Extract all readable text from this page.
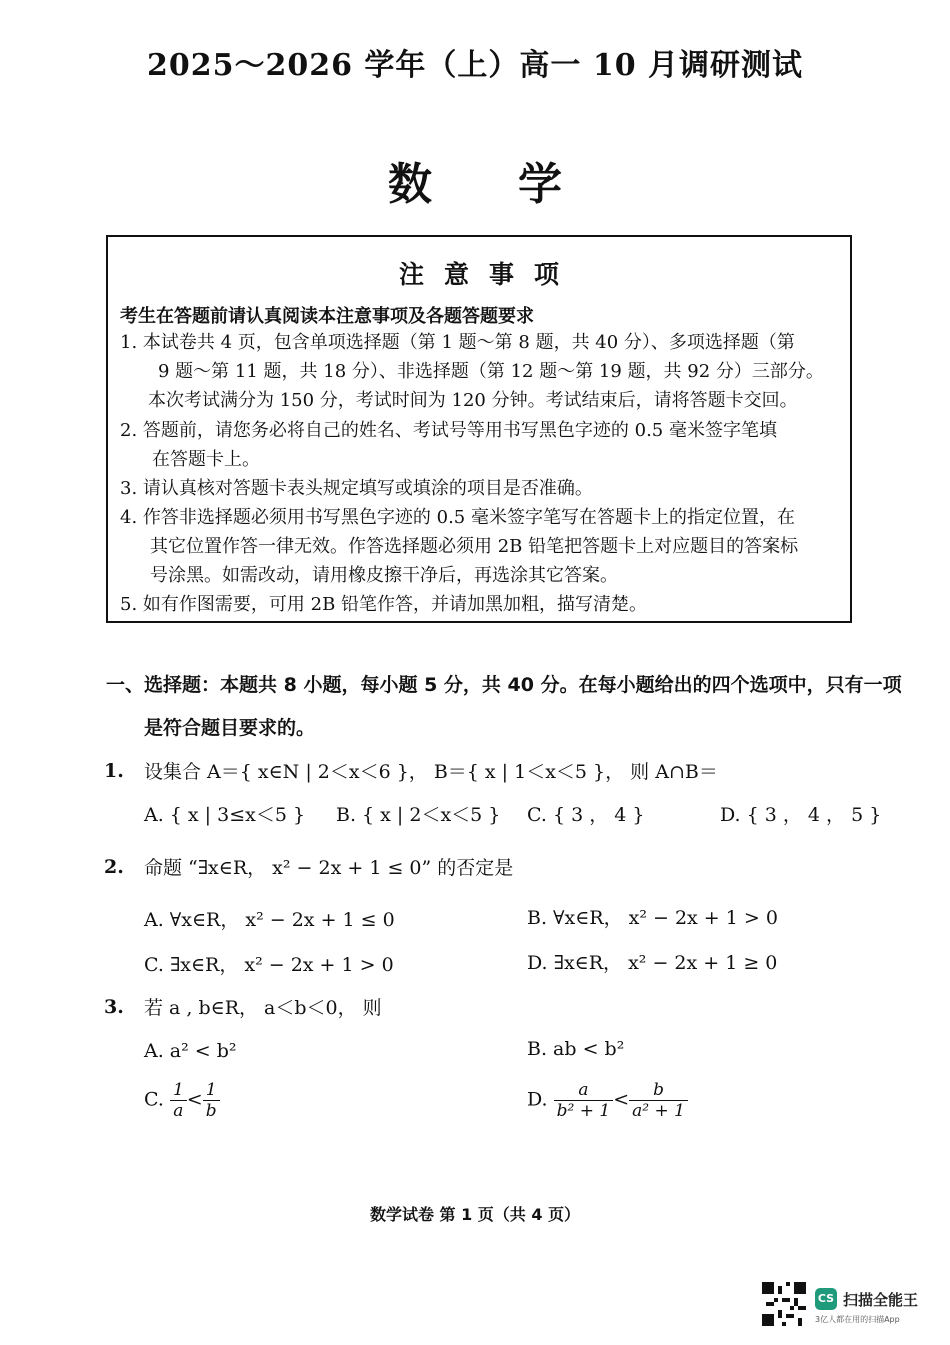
2025～2026 学年（上）高一 10 月调研测试
数学
注意事项
考生在答题前请认真阅读本注意事项及各题答题要求
1. 本试卷共 4 页，包含单项选择题（第 1 题～第 8 题，共 40 分）、多项选择题（第
9 题～第 11 题，共 18 分）、非选择题（第 12 题～第 19 题，共 92 分）三部分。
本次考试满分为 150 分，考试时间为 120 分钟。考试结束后，请将答题卡交回。
2. 答题前，请您务必将自己的姓名、考试号等用书写黑色字迹的 0.5 毫米签字笔填
在答题卡上。
3. 请认真核对答题卡表头规定填写或填涂的项目是否准确。
4. 作答非选择题必须用书写黑色字迹的 0.5 毫米签字笔写在答题卡上的指定位置，在
其它位置作答一律无效。作答选择题必须用 2B 铅笔把答题卡上对应题目的答案标
号涂黑。如需改动，请用橡皮擦干净后，再选涂其它答案。
5. 如有作图需要，可用 2B 铅笔作答，并请加黑加粗，描写清楚。
一、选择题：本题共 8 小题，每小题 5 分，共 40 分。在每小题给出的四个选项中，只有一项
是符合题目要求的。
1. 设集合 A＝{ x∈N | 2＜x＜6 }， B＝{ x | 1＜x＜5 }， 则 A∩B＝
A. { x | 3≤x＜5 } B. { x | 2＜x＜5 } C. { 3 ， 4 }	D. { 3 ， 4 ， 5 }
2. 命题 “∃x∈R， x² − 2x + 1 ≤ 0” 的否定是
A. ∀x∈R， x² − 2x + 1 ≤ 0	B. ∀x∈R， x² − 2x + 1 > 0
C. ∃x∈R， x² − 2x + 1 > 0	D. ∃x∈R， x² − 2x + 1 ≥ 0
3. 若 a , b∈R， a＜b＜0， 则
A. a² < b²	B. ab < b²
C. $\frac{1}{a} < \frac{1}{b}$	D. $\frac{a}{\text{b² + 1}} < \frac{b}{\text{a² + 1}}$
数学试卷 第 1 页（共 4 页）
CS 扫描全能王
3亿人都在用的扫描App
